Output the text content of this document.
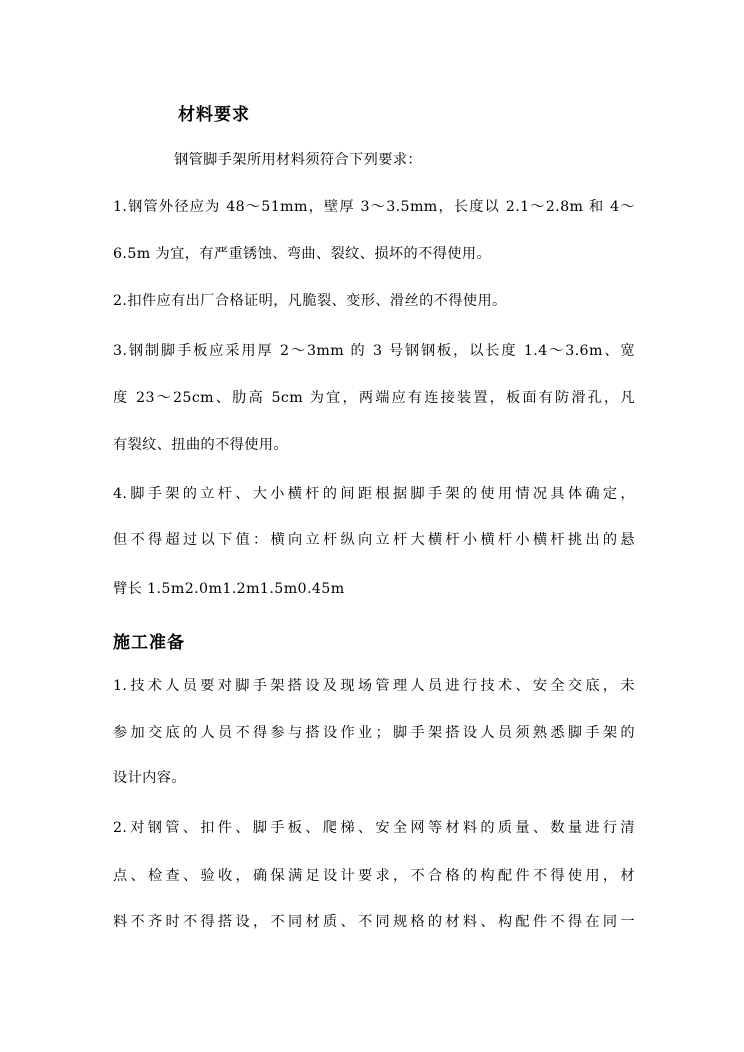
材料要求
钢管脚手架所用材料须符合下列要求：
1.钢管外径应为 48～51mm，壁厚 3～3.5mm，长度以 2.1～2.8m 和 4～
6.5m 为宜，有严重锈蚀、弯曲、裂纹、损坏的不得使用。
2.扣件应有出厂合格证明，凡脆裂、变形、滑丝的不得使用。
3.钢制脚手板应采用厚 2～3mm 的 3 号钢钢板，以长度 1.4～3.6m、宽
度 23～25cm、肋高 5cm 为宜，两端应有连接装置，板面有防滑孔，凡
有裂纹、扭曲的不得使用。
4.脚手架的立杆、大小横杆的间距根据脚手架的使用情况具体确定，
但不得超过以下值：横向立杆纵向立杆大横杆小横杆小横杆挑出的悬
臂长 1.5m2.0m1.2m1.5m0.45m
施工准备
1.技术人员要对脚手架搭设及现场管理人员进行技术、安全交底，未
参加交底的人员不得参与搭设作业；脚手架搭设人员须熟悉脚手架的
设计内容。
2.对钢管、扣件、脚手板、爬梯、安全网等材料的质量、数量进行清
点、检查、验收，确保满足设计要求，不合格的构配件不得使用，材
料不齐时不得搭设，不同材质、不同规格的材料、构配件不得在同一
